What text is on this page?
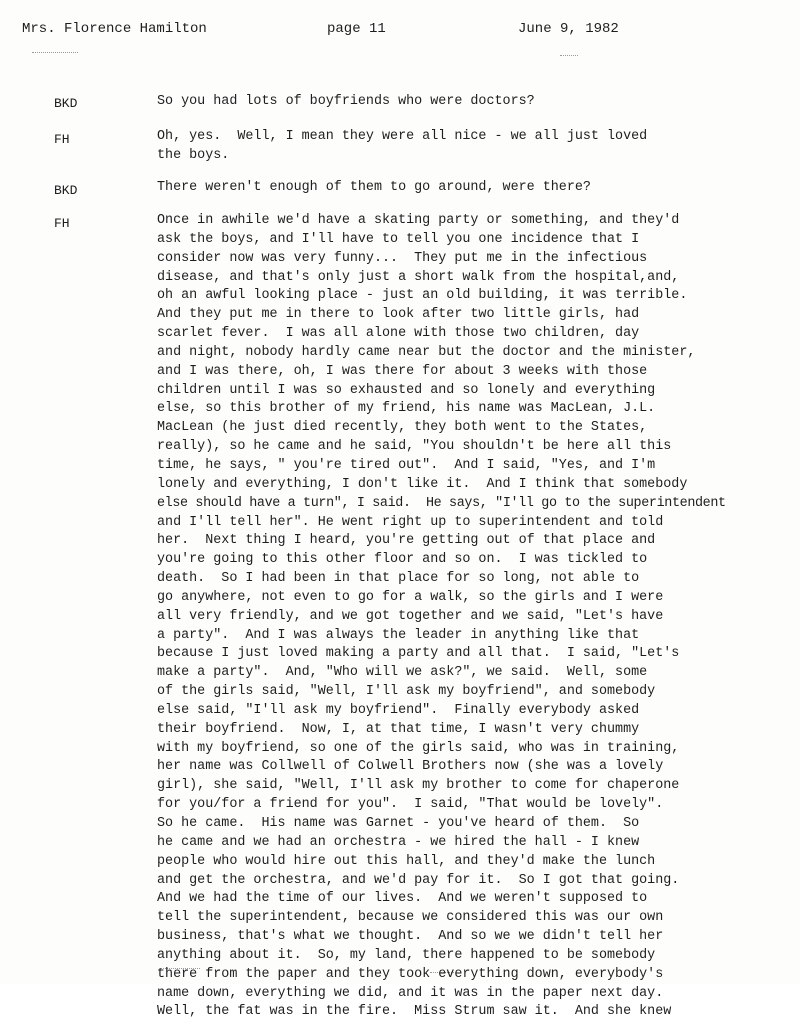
Mrs. Florence Hamilton	page 11	June 9, 1982
BKD	So you had lots of boyfriends who were doctors?
FH	Oh, yes.  Well, I mean they were all nice - we all just loved
the boys.
BKD	There weren't enough of them to go around, were there?
FH	Once in awhile we'd have a skating party or something, and they'd
ask the boys, and I'll have to tell you one incidence that I
consider now was very funny...  They put me in the infectious
disease, and that's only just a short walk from the hospital,and,
oh an awful looking place - just an old building, it was terrible.
And they put me in there to look after two little girls, had
scarlet fever.  I was all alone with those two children, day
and night, nobody hardly came near but the doctor and the minister,
and I was there, oh, I was there for about 3 weeks with those
children until I was so exhausted and so lonely and everything
else, so this brother of my friend, his name was MacLean, J.L.
MacLean (he just died recently, they both went to the States,
really), so he came and he said, "You shouldn't be here all this
time, he says, " you're tired out".  And I said, "Yes, and I'm
lonely and everything, I don't like it.  And I think that somebody
else should have a turn", I said.  He says, "I'll go to the superintendent
and I'll tell her". He went right up to superintendent and told
her.  Next thing I heard, you're getting out of that place and
you're going to this other floor and so on.  I was tickled to
death.  So I had been in that place for so long, not able to
go anywhere, not even to go for a walk, so the girls and I were
all very friendly, and we got together and we said, "Let's have
a party".  And I was always the leader in anything like that
because I just loved making a party and all that.  I said, "Let's
make a party".  And, "Who will we ask?", we said.  Well, some
of the girls said, "Well, I'll ask my boyfriend", and somebody
else said, "I'll ask my boyfriend".  Finally everybody asked
their boyfriend.  Now, I, at that time, I wasn't very chummy
with my boyfriend, so one of the girls said, who was in training,
her name was Collwell of Colwell Brothers now (she was a lovely
girl), she said, "Well, I'll ask my brother to come for chaperone
for you/for a friend for you".  I said, "That would be lovely".
So he came.  His name was Garnet - you've heard of them.  So
he came and we had an orchestra - we hired the hall - I knew
people who would hire out this hall, and they'd make the lunch
and get the orchestra, and we'd pay for it.  So I got that going.
And we had the time of our lives.  And we weren't supposed to
tell the superintendent, because we considered this was our own
business, that's what we thought.  And so we we didn't tell her
anything about it.  So, my land, there happened to be somebody
there from the paper and they took everything down, everybody's
name down, everything we did, and it was in the paper next day.
Well, the fat was in the fire.  Miss Strum saw it.  And she knew
